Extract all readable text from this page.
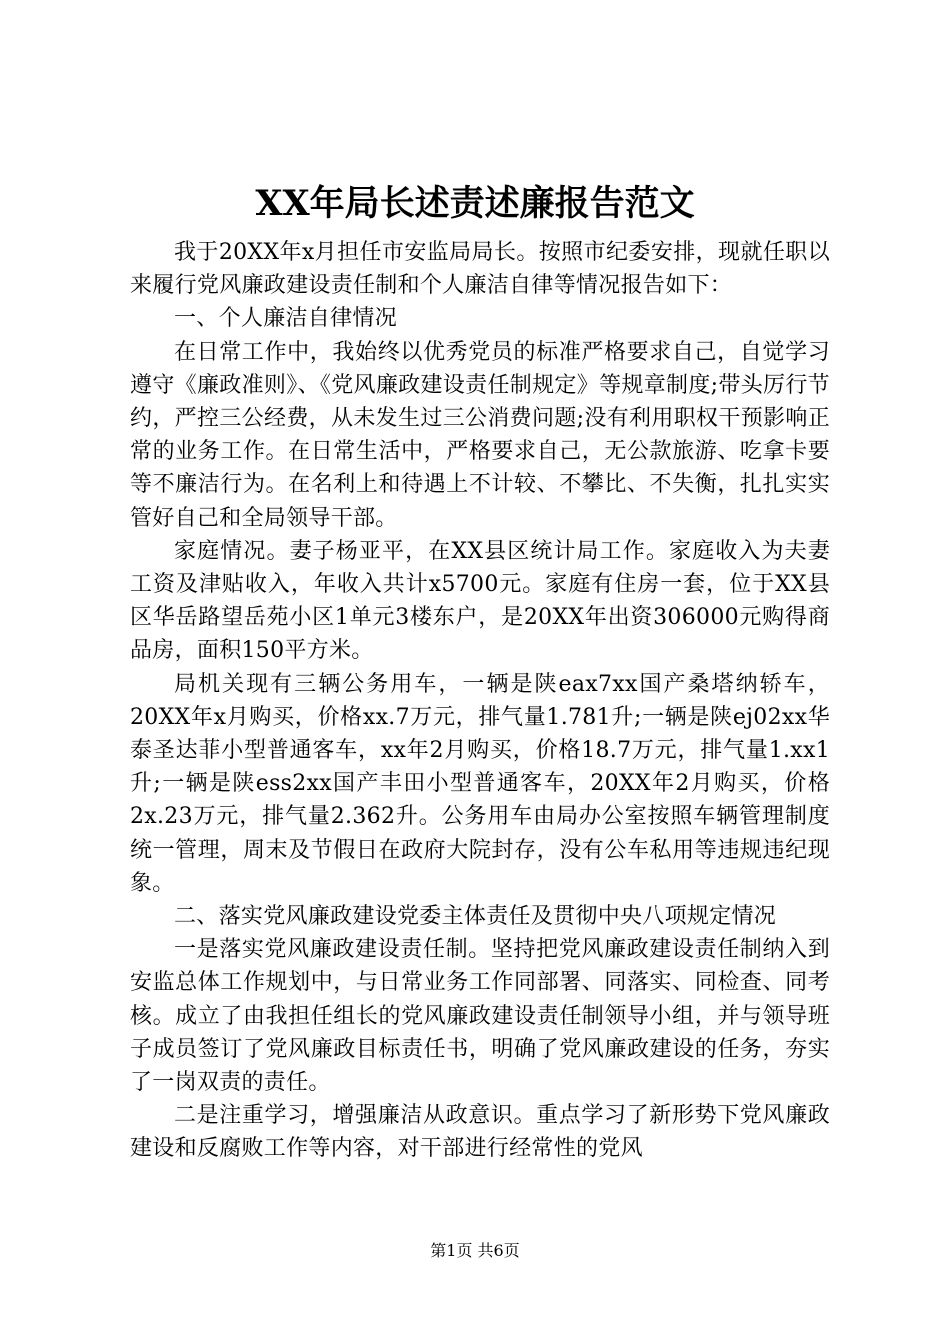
XX年局长述责述廉报告范文

我于20XX年x月担任市安监局局长。按照市纪委安排，现就任职以来履行党风廉政建设责任制和个人廉洁自律等情况报告如下：

一、个人廉洁自律情况

在日常工作中，我始终以优秀党员的标准严格要求自己，自觉学习遵守《廉政准则》、《党风廉政建设责任制规定》等规章制度;带头厉行节约，严控三公经费，从未发生过三公消费问题;没有利用职权干预影响正常的业务工作。在日常生活中，严格要求自己，无公款旅游、吃拿卡要等不廉洁行为。在名利上和待遇上不计较、不攀比、不失衡，扎扎实实管好自己和全局领导干部。

家庭情况。妻子杨亚平，在XX县区统计局工作。家庭收入为夫妻工资及津贴收入，年收入共计x5700元。家庭有住房一套，位于XX县区华岳路望岳苑小区1单元3楼东户，是20XX年出资306000元购得商品房，面积150平方米。

局机关现有三辆公务用车，一辆是陕eax7xx国产桑塔纳轿车，20XX年x月购买，价格xx.7万元，排气量1.781升;一辆是陕ej02xx华泰圣达菲小型普通客车，xx年2月购买，价格18.7万元，排气量1.xx1升;一辆是陕ess2xx国产丰田小型普通客车，20XX年2月购买，价格2x.23万元，排气量2.362升。公务用车由局办公室按照车辆管理制度统一管理，周末及节假日在政府大院封存，没有公车私用等违规违纪现象。

二、落实党风廉政建设党委主体责任及贯彻中央八项规定情况

一是落实党风廉政建设责任制。坚持把党风廉政建设责任制纳入到安监总体工作规划中，与日常业务工作同部署、同落实、同检查、同考核。成立了由我担任组长的党风廉政建设责任制领导小组，并与领导班子成员签订了党风廉政目标责任书，明确了党风廉政建设的任务，夯实了一岗双责的责任。

二是注重学习，增强廉洁从政意识。重点学习了新形势下党风廉政建设和反腐败工作等内容，对干部进行经常性的党风

第1页 共6页
